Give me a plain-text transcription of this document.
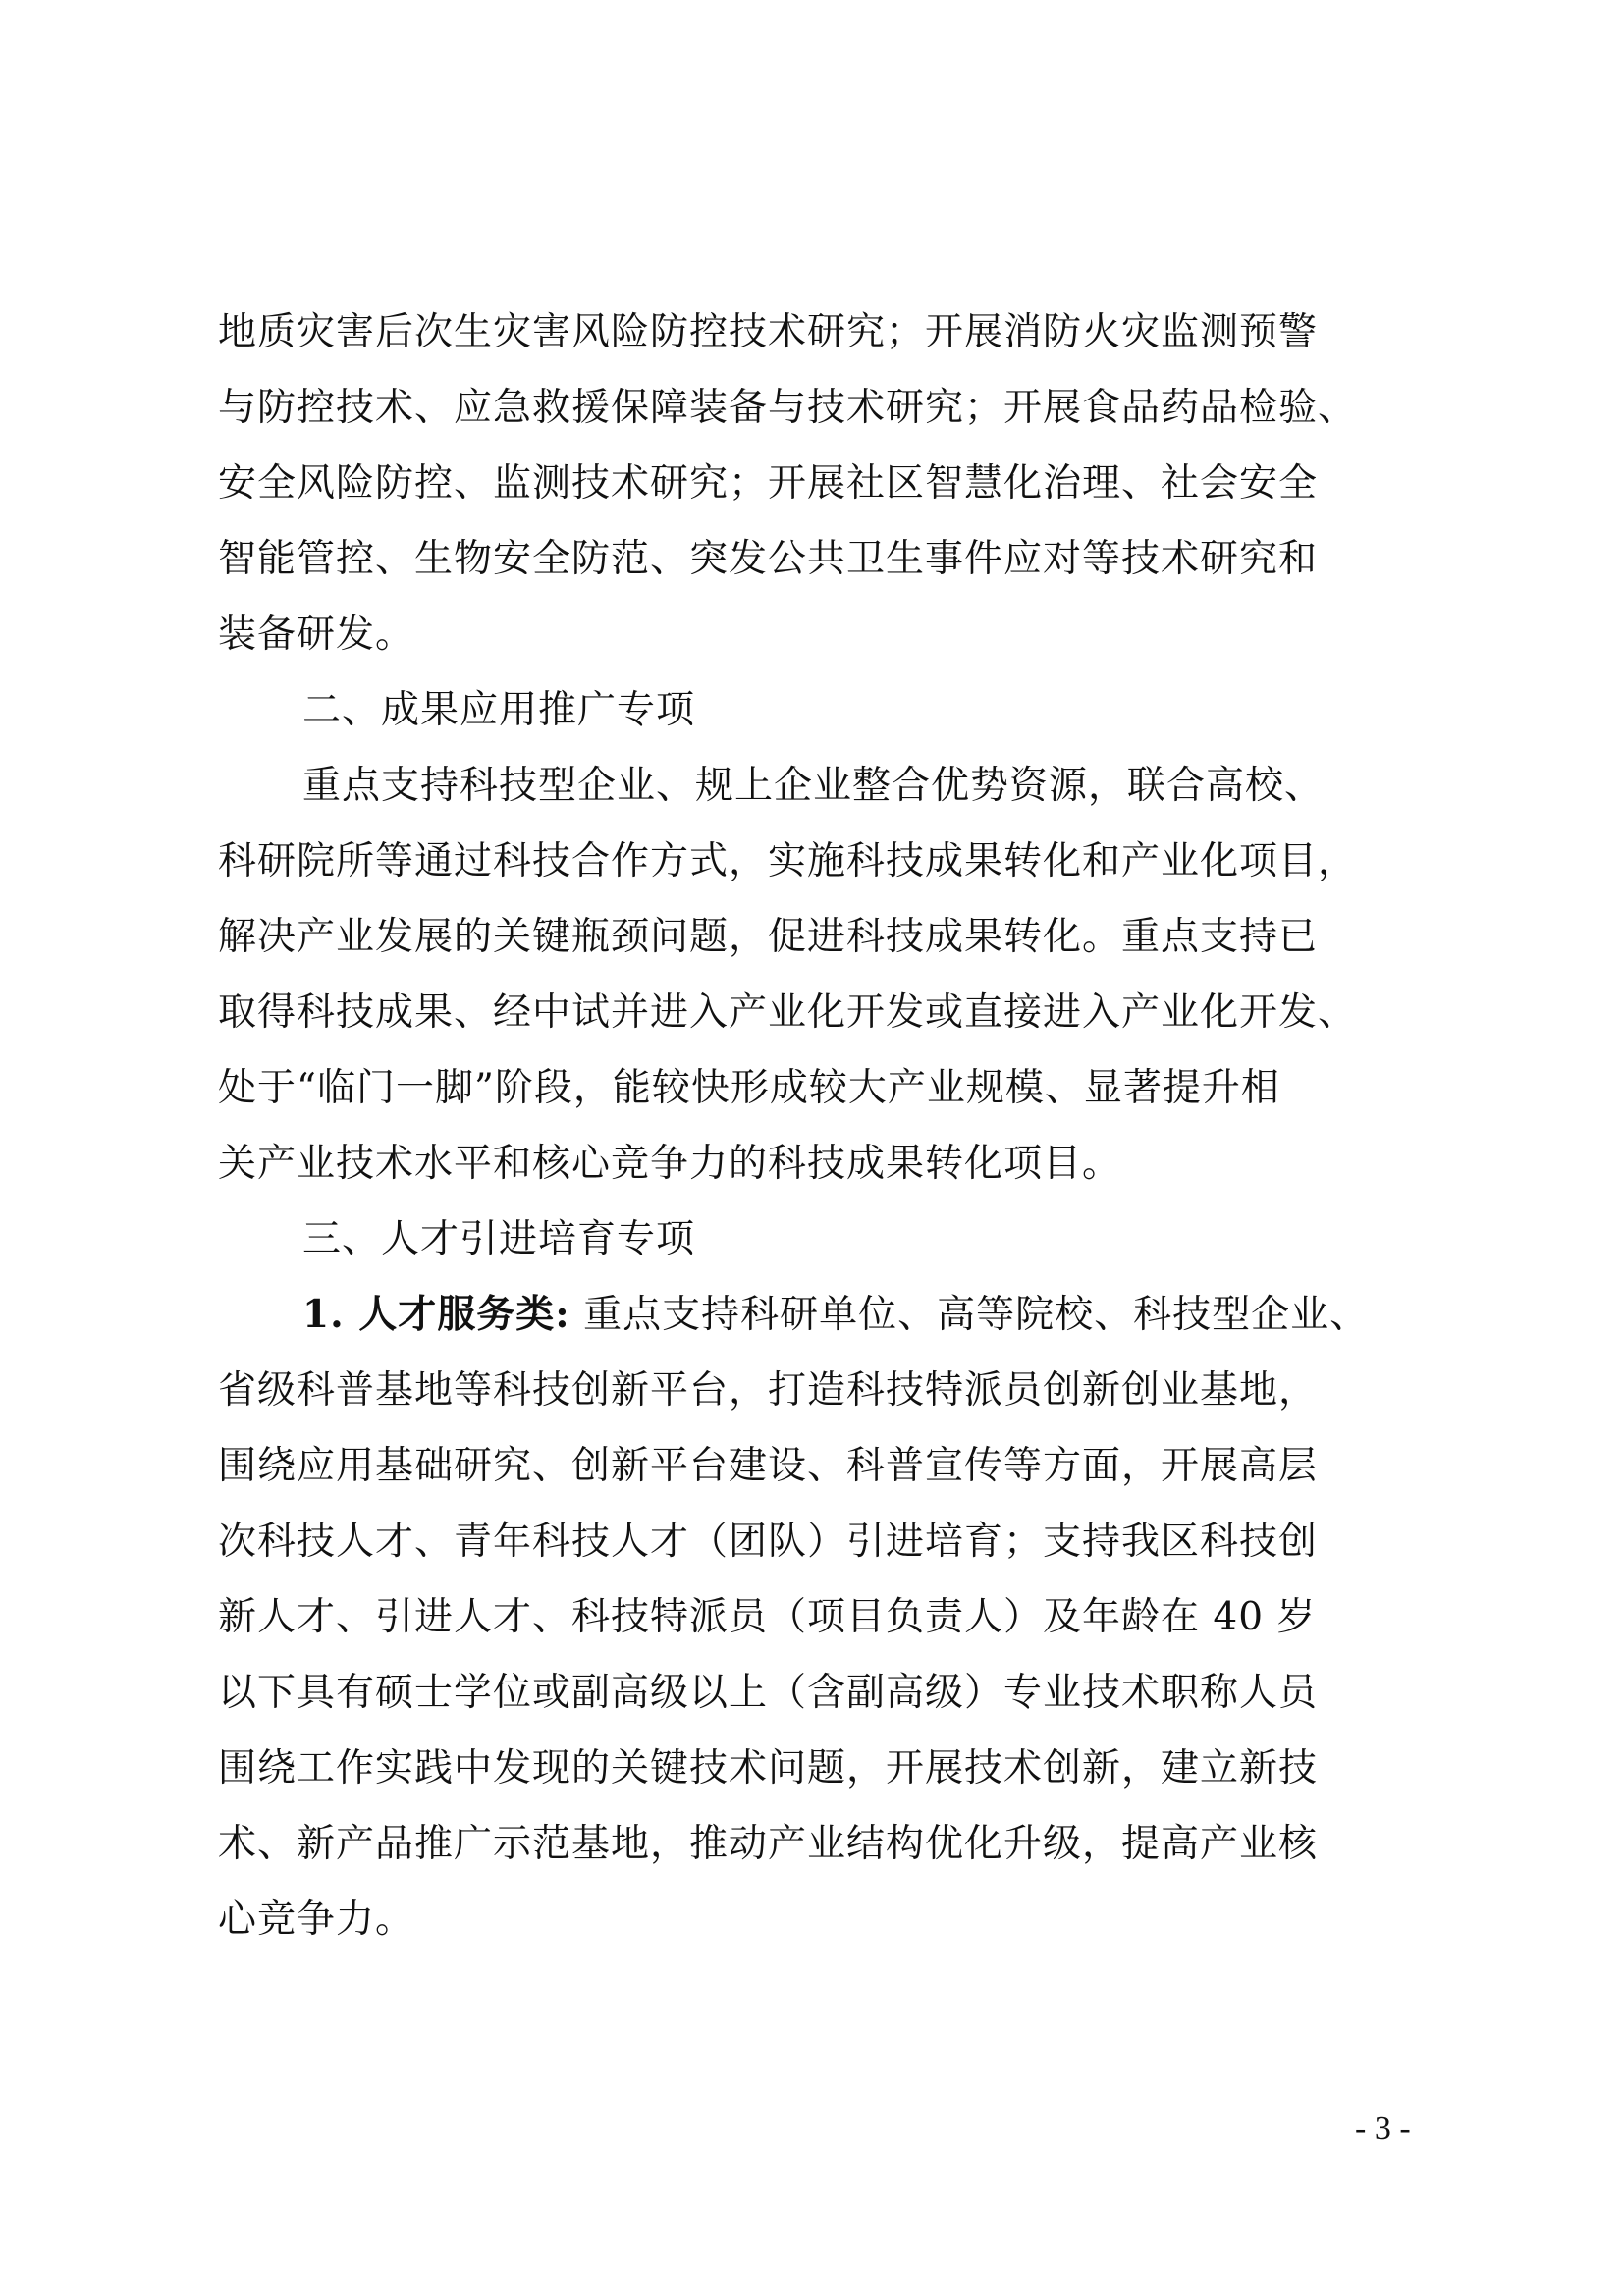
地质灾害后次生灾害风险防控技术研究；开展消防火灾监测预警
与防控技术、应急救援保障装备与技术研究；开展食品药品检验、
安全风险防控、监测技术研究；开展社区智慧化治理、社会安全
智能管控、生物安全防范、突发公共卫生事件应对等技术研究和
装备研发。
二、成果应用推广专项
重点支持科技型企业、规上企业整合优势资源，联合高校、
科研院所等通过科技合作方式，实施科技成果转化和产业化项目，
解决产业发展的关键瓶颈问题，促进科技成果转化。重点支持已
取得科技成果、经中试并进入产业化开发或直接进入产业化开发、
处于“临门一脚”阶段，能较快形成较大产业规模、显著提升相
关产业技术水平和核心竞争力的科技成果转化项目。
三、人才引进培育专项
1. 人才服务类: 重点支持科研单位、高等院校、科技型企业、
省级科普基地等科技创新平台，打造科技特派员创新创业基地，
围绕应用基础研究、创新平台建设、科普宣传等方面，开展高层
次科技人才、青年科技人才（团队）引进培育；支持我区科技创
新人才、引进人才、科技特派员（项目负责人）及年龄在 40 岁
以下具有硕士学位或副高级以上（含副高级）专业技术职称人员
围绕工作实践中发现的关键技术问题，开展技术创新，建立新技
术、新产品推广示范基地，推动产业结构优化升级，提高产业核
心竞争力。
- 3 -
